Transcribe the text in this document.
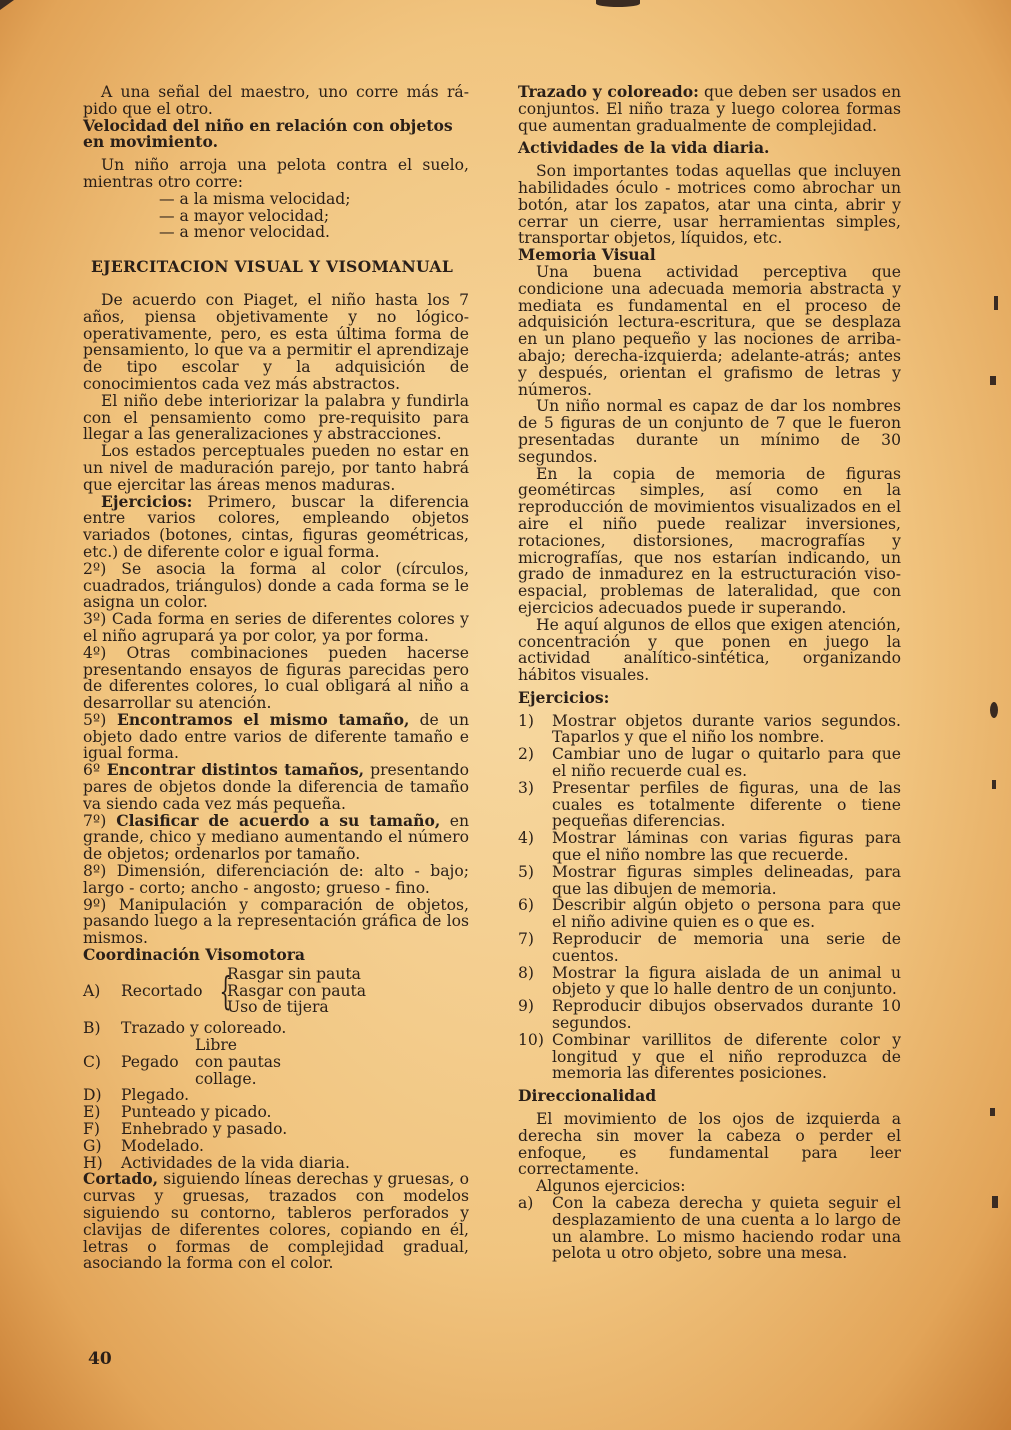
A una señal del maestro, uno corre más rá-pido que el otro.

Velocidad del niño en relación con objetos en movimiento.

Un niño arroja una pelota contra el suelo, mientras otro corre:

— a la misma velocidad;

— a mayor velocidad;

— a menor velocidad.

EJERCITACION VISUAL Y VISOMANUAL

De acuerdo con Piaget, el niño hasta los 7 años, piensa objetivamente y no lógico-operativamente, pero, es esta última forma de pensamiento, lo que va a permitir el aprendizaje de tipo escolar y la adquisición de conocimientos cada vez más abstractos.

El niño debe interiorizar la palabra y fundirla con el pensamiento como pre-requisito para llegar a las generalizaciones y abstracciones.

Los estados perceptuales pueden no estar en un nivel de maduración parejo, por tanto habrá que ejercitar las áreas menos maduras.

Ejercicios: Primero, buscar la diferencia entre varios colores, empleando objetos variados (botones, cintas, figuras geométricas, etc.) de diferente color e igual forma.

2º) Se asocia la forma al color (círculos, cuadrados, triángulos) donde a cada forma se le asigna un color.

3º) Cada forma en series de diferentes colores y el niño agrupará ya por color, ya por forma.

4º) Otras combinaciones pueden hacerse presentando ensayos de figuras parecidas pero de diferentes colores, lo cual obligará al niño a desarrollar su atención.

5º) Encontramos el mismo tamaño, de un objeto dado entre varios de diferente tamaño e igual forma.

6º Encontrar distintos tamaños, presentando pares de objetos donde la diferencia de tamaño va siendo cada vez más pequeña.

7º) Clasificar de acuerdo a su tamaño, en grande, chico y mediano aumentando el número de objetos; ordenarlos por tamaño.

8º) Dimensión, diferenciación de: alto - bajo; largo - corto; ancho - angosto; grueso - fino.

9º) Manipulación y comparación de objetos, pasando luego a la representación gráfica de los mismos.

Coordinación Visomotora

A)	Recortado {
Rasgar sin pauta
Rasgar con pauta
Uso de tijera
B)	Trazado y coloreado.
C)	Pegado
Libre
con pautas
collage.
D)	Plegado.
E)	Punteado y picado.
F)	Enhebrado y pasado.
G)	Modelado.
H)	Actividades de la vida diaria.

Cortado, siguiendo líneas derechas y gruesas, o curvas y gruesas, trazados con modelos siguiendo su contorno, tableros perforados y clavijas de diferentes colores, copiando en él, letras o formas de complejidad gradual, asociando la forma con el color.

Trazado y coloreado: que deben ser usados en conjuntos. El niño traza y luego colorea formas que aumentan gradualmente de complejidad.

Actividades de la vida diaria.

Son importantes todas aquellas que incluyen habilidades óculo - motrices como abrochar un botón, atar los zapatos, atar una cinta, abrir y cerrar un cierre, usar herramientas simples, transportar objetos, líquidos, etc.

Memoria Visual

Una buena actividad perceptiva que condicione una adecuada memoria abstracta y mediata es fundamental en el proceso de adquisición lectura-escritura, que se desplaza en un plano pequeño y las nociones de arriba-abajo; derecha-izquierda; adelante-atrás; antes y después, orientan el grafismo de letras y números.

Un niño normal es capaz de dar los nombres de 5 figuras de un conjunto de 7 que le fueron presentadas durante un mínimo de 30 segundos.

En la copia de memoria de figuras geométircas simples, así como en la reproducción de movimientos visualizados en el aire el niño puede realizar inversiones, rotaciones, distorsiones, macrografías y micrografías, que nos estarían indicando, un grado de inmadurez en la estructuración viso-espacial, problemas de lateralidad, que con ejercicios adecuados puede ir superando.

He aquí algunos de ellos que exigen atención, concentración y que ponen en juego la actividad analítico-sintética, organizando hábitos visuales.

Ejercicios:

1)	Mostrar objetos durante varios segundos. Taparlos y que el niño los nombre.
2)	Cambiar uno de lugar o quitarlo para que el niño recuerde cual es.
3)	Presentar perfiles de figuras, una de las cuales es totalmente diferente o tiene pequeñas diferencias.
4)	Mostrar láminas con varias figuras para que el niño nombre las que recuerde.
5)	Mostrar figuras simples delineadas, para que las dibujen de memoria.
6)	Describir algún objeto o persona para que el niño adivine quien es o que es.
7)	Reproducir de memoria una serie de cuentos.
8)	Mostrar la figura aislada de un animal u objeto y que lo halle dentro de un conjunto.
9)	Reproducir dibujos observados durante 10 segundos.
10) Combinar varillitos de diferente color y longitud y que el niño reproduzca de memoria las diferentes posiciones.

Direccionalidad

El movimiento de los ojos de izquierda a derecha sin mover la cabeza o perder el enfoque, es fundamental para leer correctamente.

Algunos ejercicios:

a)	Con la cabeza derecha y quieta seguir el desplazamiento de una cuenta a lo largo de un alambre. Lo mismo haciendo rodar una pelota u otro objeto, sobre una mesa.
40
